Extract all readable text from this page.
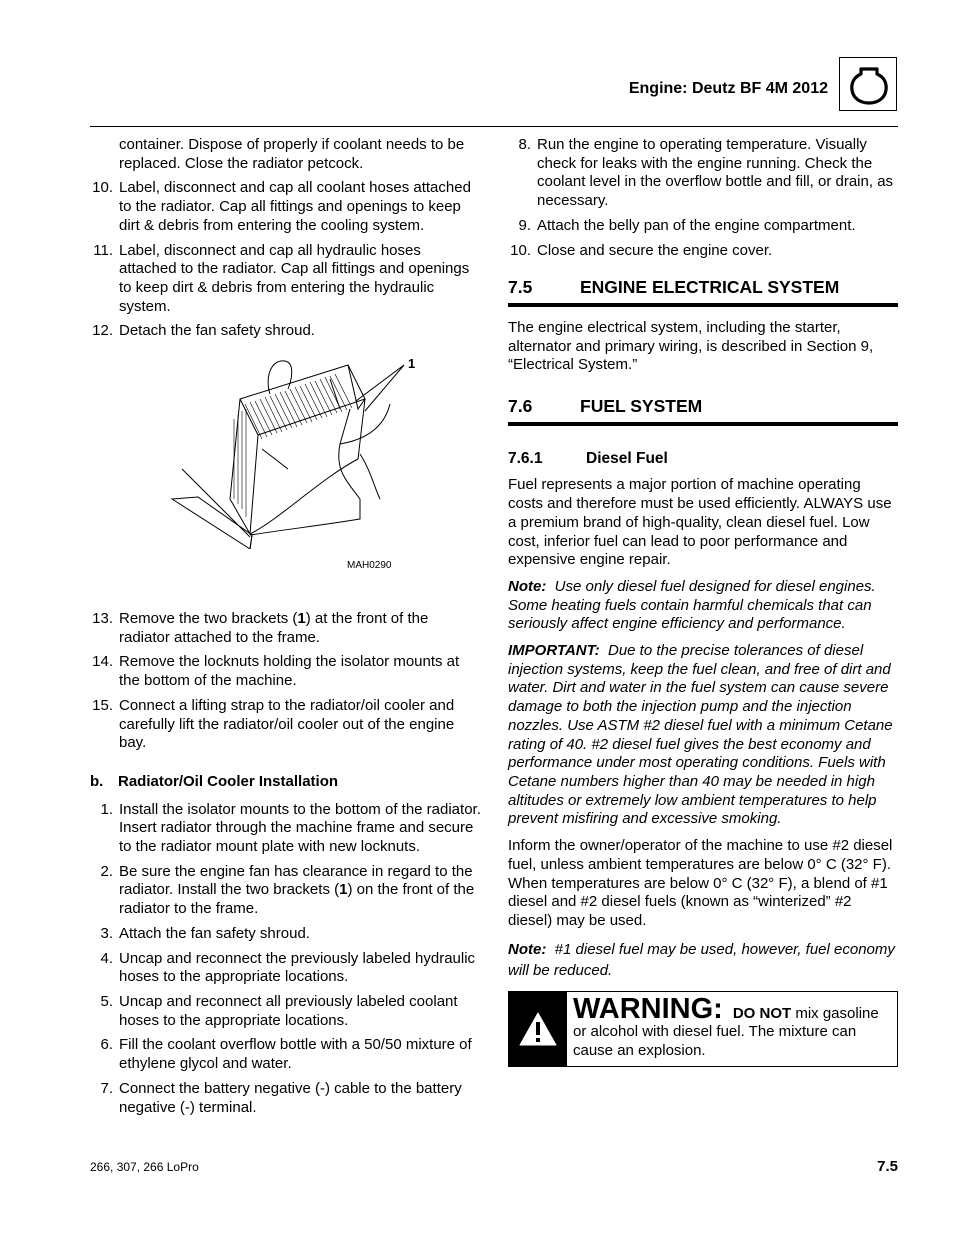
Engine: Deutz BF 4M 2012
container. Dispose of properly if coolant needs to be replaced. Close the radiator petcock.
10. Label, disconnect and cap all coolant hoses attached to the radiator. Cap all fittings and openings to keep dirt & debris from entering the cooling system.
11. Label, disconnect and cap all hydraulic hoses attached to the radiator. Cap all fittings and openings to keep dirt & debris from entering the hydraulic system.
12. Detach the fan safety shroud.
1
MAH0290
13. Remove the two brackets (1) at the front of the radiator attached to the frame.
14. Remove the locknuts holding the isolator mounts at the bottom of the machine.
15. Connect a lifting strap to the radiator/oil cooler and carefully lift the radiator/oil cooler out of the engine bay.
b. Radiator/Oil Cooler Installation
1. Install the isolator mounts to the bottom of the radiator. Insert radiator through the machine frame and secure to the radiator mount plate with new locknuts.
2. Be sure the engine fan has clearance in regard to the radiator. Install the two brackets (1) on the front of the radiator to the frame.
3. Attach the fan safety shroud.
4. Uncap and reconnect the previously labeled hydraulic hoses to the appropriate locations.
5. Uncap and reconnect all previously labeled coolant hoses to the appropriate locations.
6. Fill the coolant overflow bottle with a 50/50 mixture of ethylene glycol and water.
7. Connect the battery negative (-) cable to the battery negative (-) terminal.
8. Run the engine to operating temperature. Visually check for leaks with the engine running. Check the coolant level in the overflow bottle and fill, or drain, as necessary.
9. Attach the belly pan of the engine compartment.
10. Close and secure the engine cover.
7.5	ENGINE ELECTRICAL SYSTEM

The engine electrical system, including the starter, alternator and primary wiring, is described in Section 9, “Electrical System.”

7.6	FUEL SYSTEM
7.6.1	Diesel Fuel

Fuel represents a major portion of machine operating costs and therefore must be used efficiently. ALWAYS use a premium brand of high-quality, clean diesel fuel. Low cost, inferior fuel can lead to poor performance and expensive engine repair.

Note: Use only diesel fuel designed for diesel engines. Some heating fuels contain harmful chemicals that can seriously affect engine efficiency and performance.

IMPORTANT: Due to the precise tolerances of diesel injection systems, keep the fuel clean, and free of dirt and water. Dirt and water in the fuel system can cause severe damage to both the injection pump and the injection nozzles. Use ASTM #2 diesel fuel with a minimum Cetane rating of 40. #2 diesel fuel gives the best economy and performance under most operating conditions. Fuels with Cetane numbers higher than 40 may be needed in high altitudes or extremely low ambient temperatures to help prevent misfiring and excessive smoking.

Inform the owner/operator of the machine to use #2 diesel fuel, unless ambient temperatures are below 0° C (32° F). When temperatures are below 0° C (32° F), a blend of #1 diesel and #2 diesel fuels (known as “winterized” #2 diesel) may be used.

Note: #1 diesel fuel may be used, however, fuel economy will be reduced.

WARNING: DO NOT mix gasoline or alcohol with diesel fuel. The mixture can cause an explosion.
266, 307, 266 LoPro	7.5
